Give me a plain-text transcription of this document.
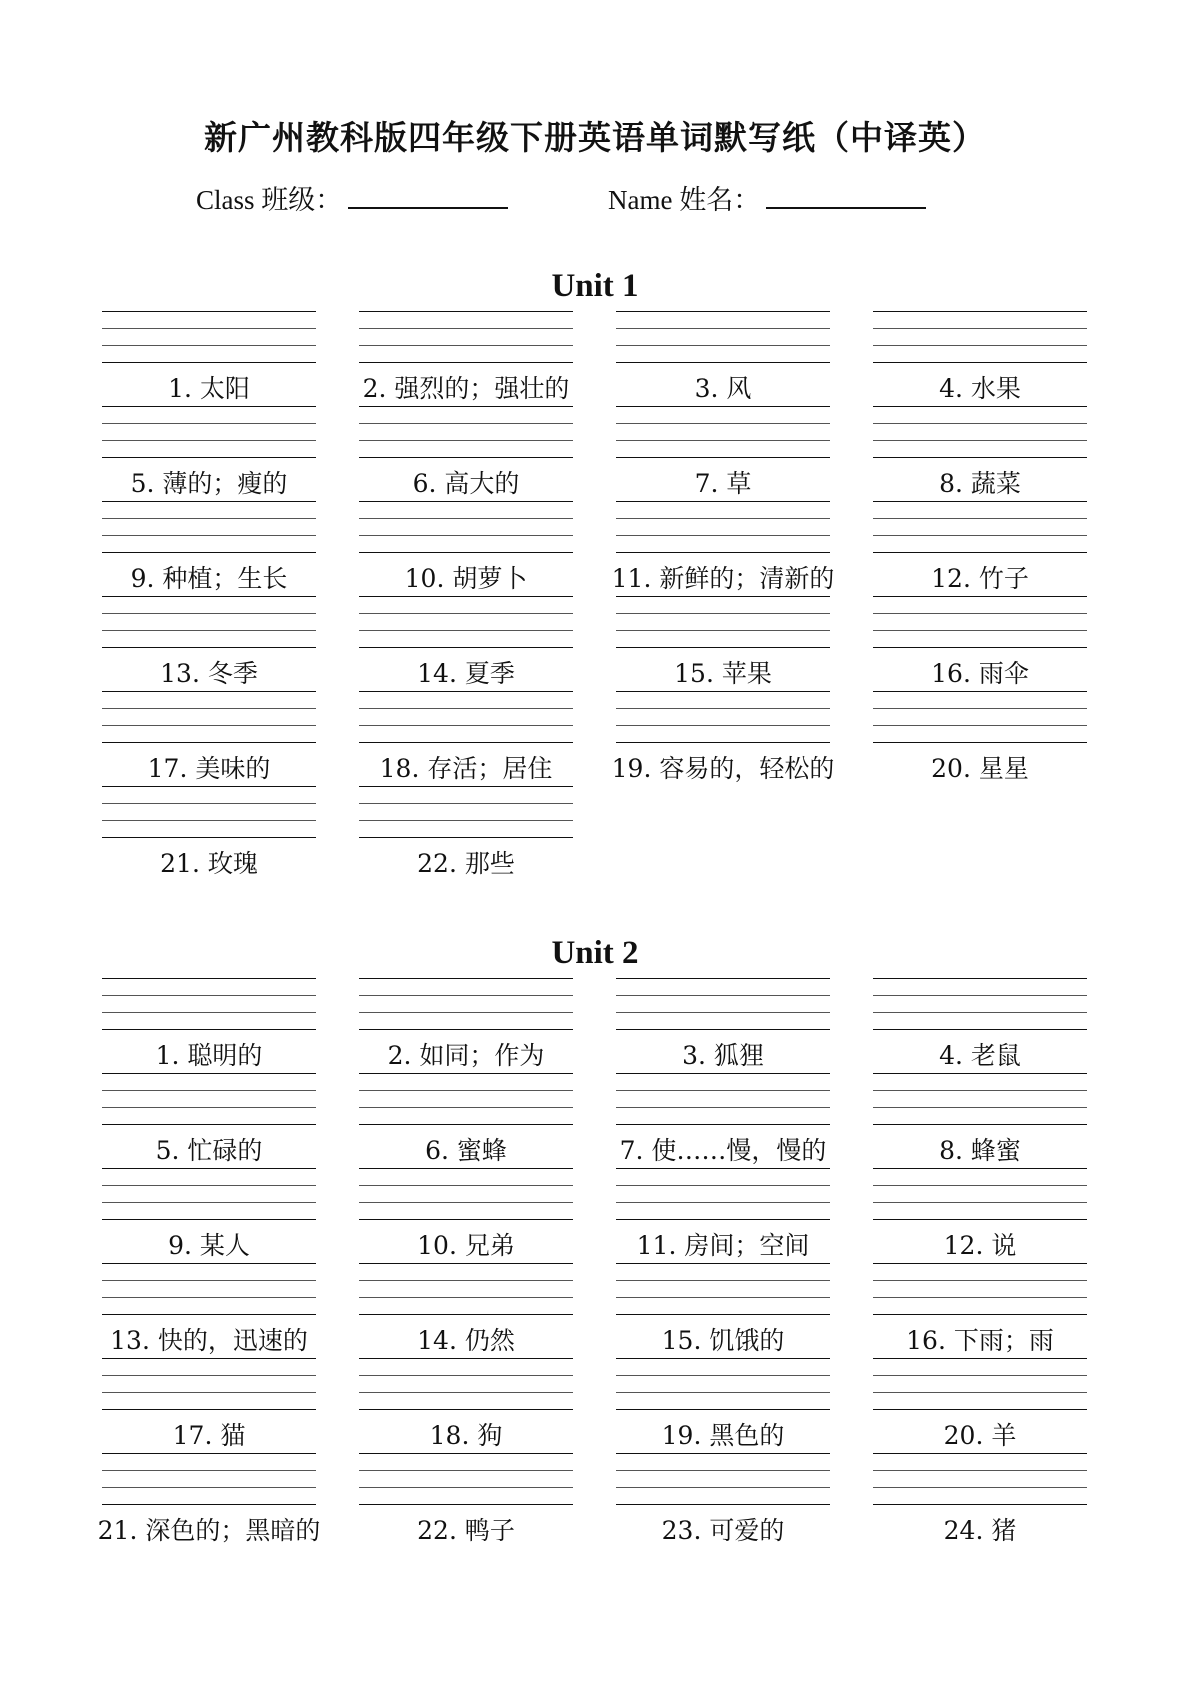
新广州教科版四年级下册英语单词默写纸（中译英）
Class 班级：	Name 姓名：
Unit 1
1. 太阳	2. 强烈的；强壮的	3. 风	4. 水果
5. 薄的；瘦的	6. 高大的	7. 草	8. 蔬菜
9. 种植；生长	10. 胡萝卜	11. 新鲜的；清新的	12. 竹子
13. 冬季	14. 夏季	15. 苹果	16. 雨伞
17. 美味的	18. 存活；居住	19. 容易的，轻松的	20. 星星
21. 玫瑰	22. 那些
Unit 2
1. 聪明的	2. 如同；作为	3. 狐狸	4. 老鼠
5. 忙碌的	6. 蜜蜂	7. 使……慢，慢的	8. 蜂蜜
9. 某人	10. 兄弟	11. 房间；空间	12. 说
13. 快的，迅速的	14. 仍然	15. 饥饿的	16. 下雨；雨
17. 猫	18. 狗	19. 黑色的	20. 羊
21. 深色的；黑暗的	22. 鸭子	23. 可爱的	24. 猪
